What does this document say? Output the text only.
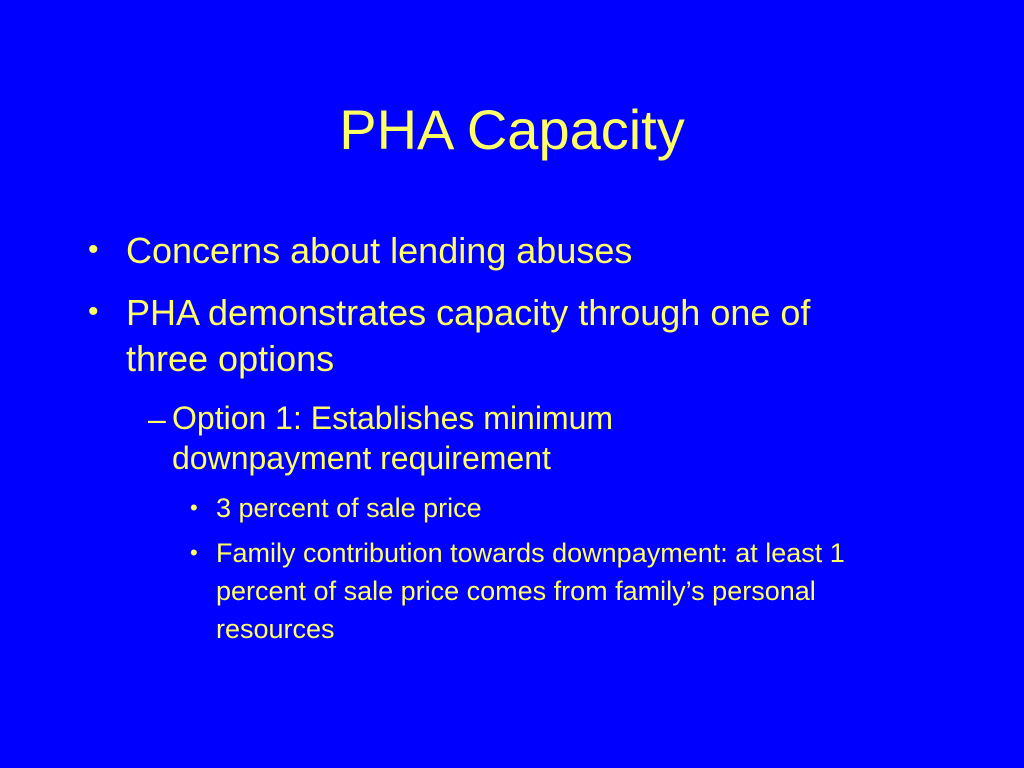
PHA Capacity
• Concerns about lending abuses
• PHA demonstrates capacity through one of three options
– Option 1: Establishes minimum downpayment requirement
• 3 percent of sale price
• Family contribution towards downpayment: at least 1 percent of sale price comes from family’s personal resources
